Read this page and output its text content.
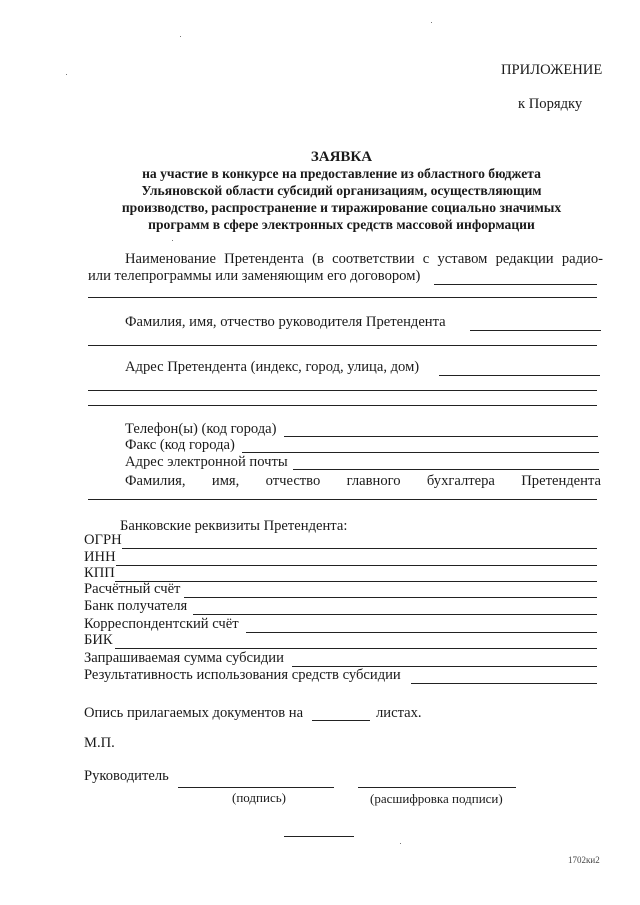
ПРИЛОЖЕНИЕ
к Порядку
ЗАЯВКА
на участие в конкурсе на предоставление из областного бюджета
Ульяновской области субсидий организациям, осуществляющим
производство, распространение и тиражирование социально значимых
программ в сфере электронных средств массовой информации
Наименование Претендента (в соответствии с уставом редакции радио-
или телепрограммы или заменяющим его договором)
Фамилия, имя, отчество руководителя Претендента
Адрес Претендента (индекс, город, улица, дом)
Телефон(ы) (код города)
Факс (код города)
Адрес электронной почты
Фамилия, имя, отчество главного бухгалтера Претендента
Банковские реквизиты Претендента:
ОГРН
ИНН
КПП
Расчётный счёт
Банк получателя
Корреспондентский счёт
БИК
Запрашиваемая сумма субсидии
Результативность использования средств субсидии
Опись прилагаемых документов на	листах.
М.П.
Руководитель
(подпись)	(расшифровка подписи)
1702ки2
